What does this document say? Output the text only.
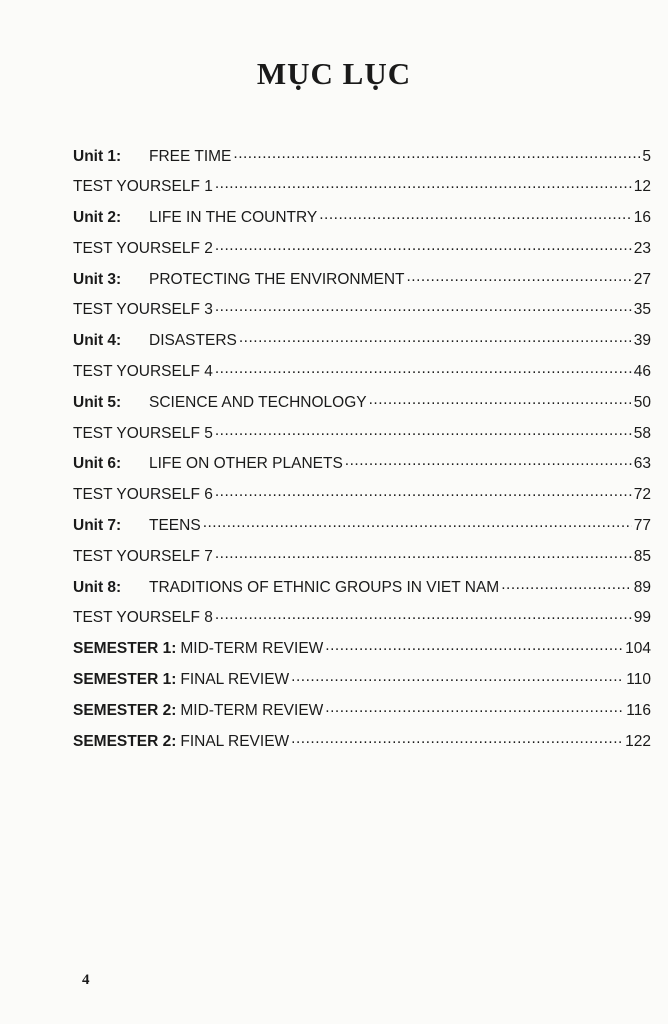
MỤC LỤC
Unit 1:	FREE TIME .....	5
TEST YOURSELF 1 .....	12
Unit 2:	LIFE IN THE COUNTRY .....	16
TEST YOURSELF 2 .....	23
Unit 3:	PROTECTING THE ENVIRONMENT .....	27
TEST YOURSELF 3 .....	35
Unit 4:	DISASTERS .....	39
TEST YOURSELF 4 .....	46
Unit 5:	SCIENCE AND TECHNOLOGY .....	50
TEST YOURSELF 5 .....	58
Unit 6:	LIFE ON OTHER PLANETS .....	63
TEST YOURSELF 6 .....	72
Unit 7:	TEENS .....	77
TEST YOURSELF 7 .....	85
Unit 8:	TRADITIONS OF ETHNIC GROUPS IN VIET NAM .....	89
TEST YOURSELF 8 .....	99
SEMESTER 1: MID-TERM REVIEW .....	104
SEMESTER 1: FINAL REVIEW .....	110
SEMESTER 2: MID-TERM REVIEW .....	116
SEMESTER 2: FINAL REVIEW .....	122
4
